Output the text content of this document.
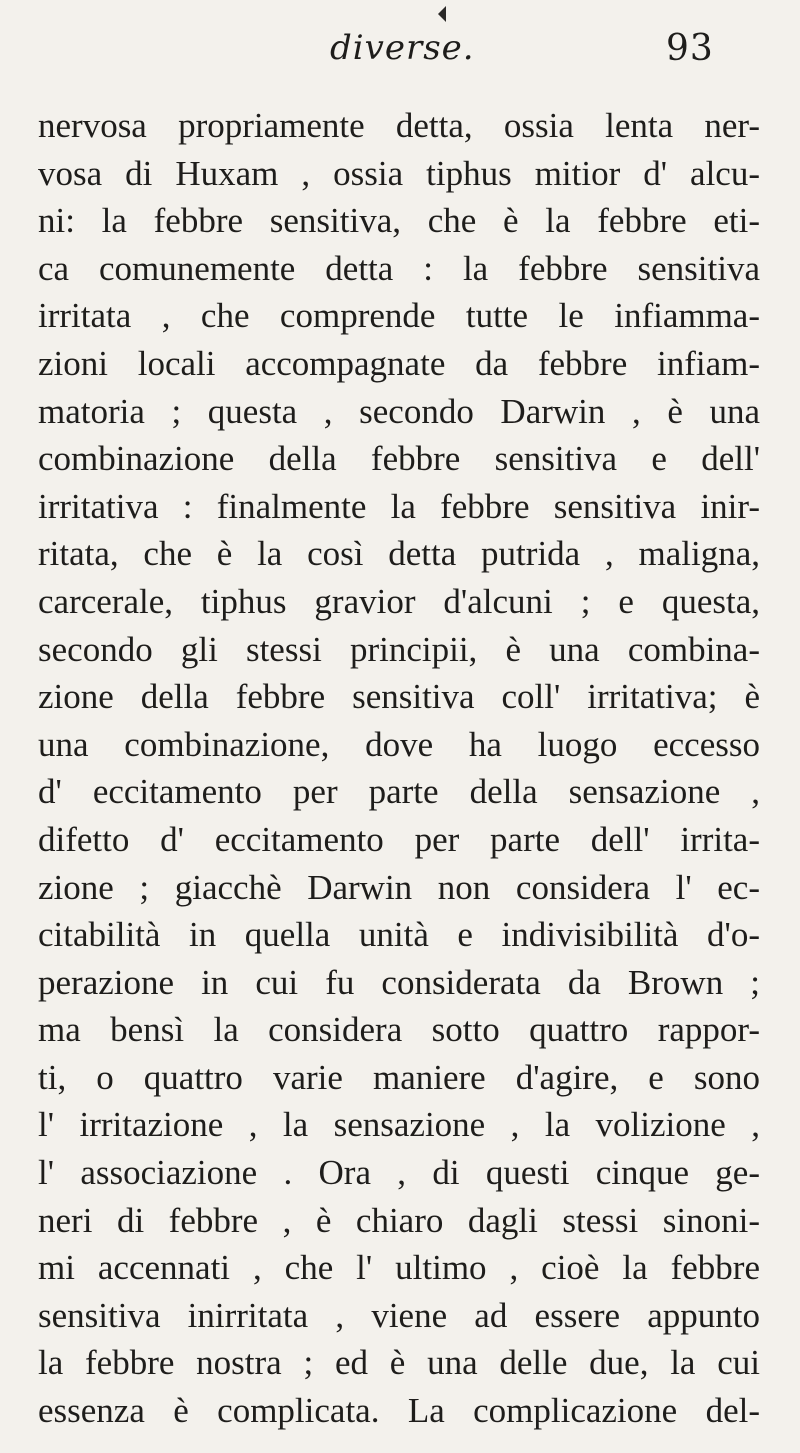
diverse.	93
nervosa propriamente detta, ossia lenta ner-
vosa di Huxam , ossia tiphus mitior d' alcu-
ni: la febbre sensitiva, che è la febbre eti-
ca comunemente detta : la febbre sensitiva
irritata , che comprende tutte le infiamma-
zioni locali accompagnate da febbre infiam-
matoria ; questa , secondo Darwin , è una
combinazione della febbre sensitiva e dell'
irritativa : finalmente la febbre sensitiva inir-
ritata, che è la così detta putrida , maligna,
carcerale, tiphus gravior d'alcuni ; e questa,
secondo gli stessi principii, è una combina-
zione della febbre sensitiva coll' irritativa; è
una combinazione, dove ha luogo eccesso
d' eccitamento per parte della sensazione ,
difetto d' eccitamento per parte dell' irrita-
zione ; giacchè Darwin non considera l' ec-
citabilità in quella unità e indivisibilità d'o-
perazione in cui fu considerata da Brown ;
ma bensì la considera sotto quattro rappor-
ti, o quattro varie maniere d'agire, e sono
l' irritazione , la sensazione , la volizione ,
l' associazione . Ora , di questi cinque ge-
neri di febbre , è chiaro dagli stessi sinoni-
mi accennati , che l' ultimo , cioè la febbre
sensitiva inirritata , viene ad essere appunto
la febbre nostra ; ed è una delle due, la cui
essenza è complicata. La complicazione del-
